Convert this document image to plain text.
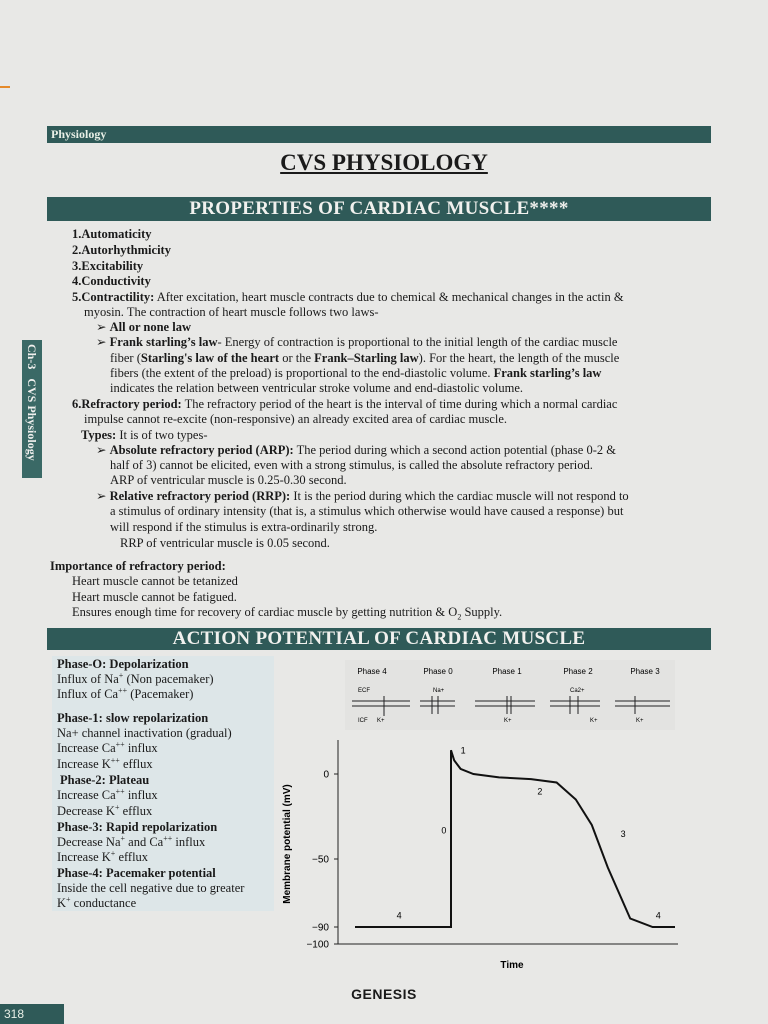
Physiology
CVS PHYSIOLOGY
PROPERTIES OF CARDIAC MUSCLE****
Ch-3   CVS Physiology
1.Automaticity
2.Autorhythmicity
3.Excitability
4.Conductivity
5.Contractility: After excitation, heart muscle contracts due to chemical & mechanical changes in the actin &
myosin. The contraction of heart muscle follows two laws-
➢ All or none law
➢ Frank starling’s law- Energy of contraction is proportional to the initial length of the cardiac muscle
fiber (Starling's law of the heart or the Frank–Starling law). For the heart, the length of the muscle
fibers (the extent of the preload) is proportional to the end-diastolic volume. Frank starling’s law
indicates the relation between ventricular stroke volume and end-diastolic volume.
6.Refractory period: The refractory period of the heart is the interval of time during which a normal cardiac
impulse cannot re-excite (non-responsive) an already excited area of cardiac muscle.
Types: It is of two types-
➢ Absolute refractory period (ARP): The period during which a second action potential (phase 0-2 &
half of 3) cannot be elicited, even with a strong stimulus, is called the absolute refractory period.
ARP of ventricular muscle is 0.25-0.30 second.
➢ Relative refractory period (RRP): It is the period during which the cardiac muscle will not respond to
a stimulus of ordinary intensity (that is, a stimulus which otherwise would have caused a response) but
will respond if the stimulus is extra-ordinarily strong.
RRP of ventricular muscle is 0.05 second.
Importance of refractory period:
Heart muscle cannot be tetanized
Heart muscle cannot be fatigued.
Ensures enough time for recovery of cardiac muscle by getting nutrition & $O_2$ Supply.
ACTION POTENTIAL OF CARDIAC MUSCLE
Phase-O: Depolarization
Influx of Na+ (Non pacemaker)
Influx of Ca++ (Pacemaker)
Phase-1: slow repolarization
Na+ channel inactivation (gradual)
Increase Ca++ influx
Increase K++ efflux
Phase-2: Plateau
Increase Ca++ influx
Decrease K+ efflux
Phase-3: Rapid repolarization
Decrease Na+ and Ca++ influx
Increase K+ efflux
Phase-4: Pacemaker potential
Inside the cell negative due to greater
K+ conductance
Phase 4	Phase 0	Phase 1	Phase 2	Phase 3
ECF	Na+	Ca2+
ICF K+	K+	K+	K+
0
−50
−90
−100
Membrane potential (mV)
Time
0
1
2
3
4	4
GENESIS
318
